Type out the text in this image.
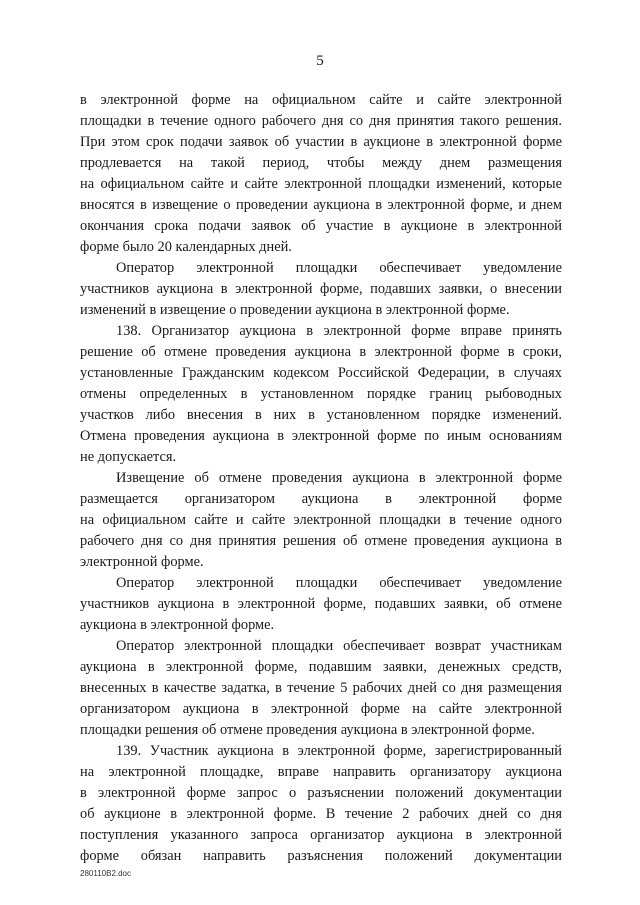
5
в электронной форме на официальном сайте и сайте электронной
площадки в течение одного рабочего дня со дня принятия такого решения.
При этом срок подачи заявок об участии в аукционе в электронной форме
продлевается на такой период, чтобы между днем размещения
на официальном сайте и сайте электронной площадки изменений, которые
вносятся в извещение о проведении аукциона в электронной форме, и днем
окончания срока подачи заявок об участие в аукционе в электронной
форме было 20 календарных дней.
Оператор электронной площадки обеспечивает уведомление
участников аукциона в электронной форме, подавших заявки, о внесении
изменений в извещение о проведении аукциона в электронной форме.
138. Организатор аукциона в электронной форме вправе принять
решение об отмене проведения аукциона в электронной форме в сроки,
установленные Гражданским кодексом Российской Федерации, в случаях
отмены определенных в установленном порядке границ рыбоводных
участков либо внесения в них в установленном порядке изменений.
Отмена проведения аукциона в электронной форме по иным основаниям
не допускается.
Извещение об отмене проведения аукциона в электронной форме
размещается организатором аукциона в электронной форме
на официальном сайте и сайте электронной площадки в течение одного
рабочего дня со дня принятия решения об отмене проведения аукциона в
электронной форме.
Оператор электронной площадки обеспечивает уведомление
участников аукциона в электронной форме, подавших заявки, об отмене
аукциона в электронной форме.
Оператор электронной площадки обеспечивает возврат участникам
аукциона в электронной форме, подавшим заявки, денежных средств,
внесенных в качестве задатка, в течение 5 рабочих дней со дня размещения
организатором аукциона в электронной форме на сайте электронной
площадки решения об отмене проведения аукциона в электронной форме.
139. Участник аукциона в электронной форме, зарегистрированный
на электронной площадке, вправе направить организатору аукциона
в электронной форме запрос о разъяснении положений документации
об аукционе в электронной форме. В течение 2 рабочих дней со дня
поступления указанного запроса организатор аукциона в электронной
форме обязан направить разъяснения положений документации
280110B2.doc
